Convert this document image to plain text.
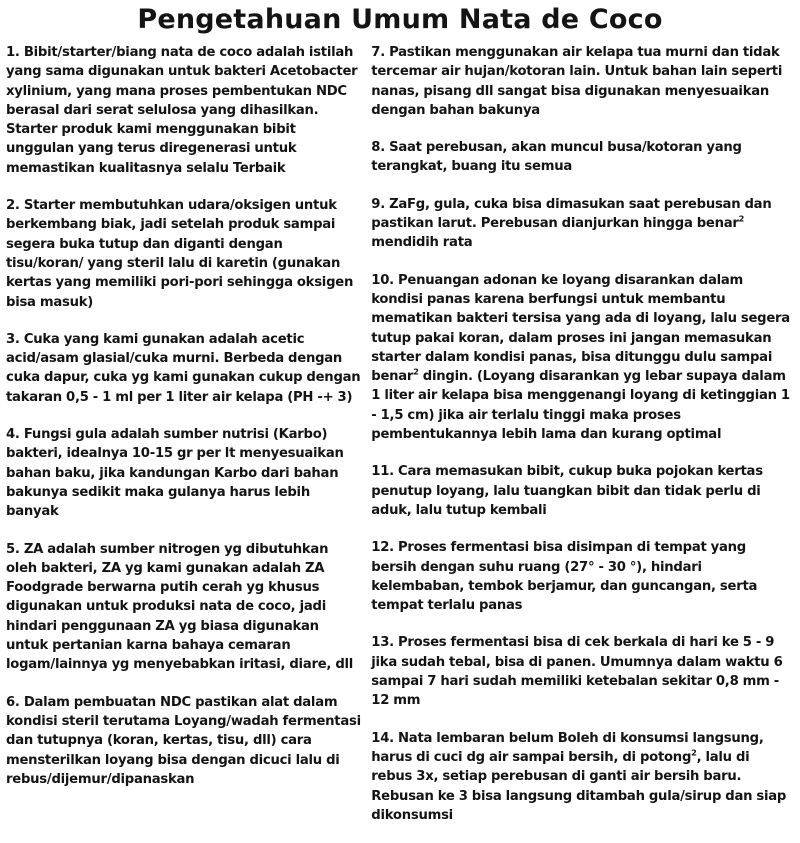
Pengetahuan Umum Nata de Coco

1. Bibit/starter/biang nata de coco adalah istilah yang sama digunakan untuk bakteri Acetobacter xylinium, yang mana proses pembentukan NDC berasal dari serat selulosa yang dihasilkan. Starter produk kami menggunakan bibit unggulan yang terus diregenerasi untuk memastikan kualitasnya selalu Terbaik

2. Starter membutuhkan udara/oksigen untuk berkembang biak, jadi setelah produk sampai segera buka tutup dan diganti dengan tisu/koran/ yang steril lalu di karetin (gunakan kertas yang memiliki pori-pori sehingga oksigen bisa masuk)

3. Cuka yang kami gunakan adalah acetic acid/asam glasial/cuka murni. Berbeda dengan cuka dapur, cuka yg kami gunakan cukup dengan takaran 0,5 - 1 ml per 1 liter air kelapa (PH -+ 3)

4. Fungsi gula adalah sumber nutrisi (Karbo) bakteri, idealnya 10-15 gr per lt menyesuaikan bahan baku, jika kandungan Karbo dari bahan bakunya sedikit maka gulanya harus lebih banyak

5. ZA adalah sumber nitrogen yg dibutuhkan oleh bakteri, ZA yg kami gunakan adalah ZA Foodgrade berwarna putih cerah yg khusus digunakan untuk produksi nata de coco, jadi hindari penggunaan ZA yg biasa digunakan untuk pertanian karna bahaya cemaran logam/lainnya yg menyebabkan iritasi, diare, dll

6. Dalam pembuatan NDC pastikan alat dalam kondisi steril terutama Loyang/wadah fermentasi dan tutupnya (koran, kertas, tisu, dll) cara mensterilkan loyang bisa dengan dicuci lalu di rebus/dijemur/dipanaskan

7. Pastikan menggunakan air kelapa tua murni dan tidak tercemar air hujan/kotoran lain. Untuk bahan lain seperti nanas, pisang dll sangat bisa digunakan menyesuaikan dengan bahan bakunya

8. Saat perebusan, akan muncul busa/kotoran yang terangkat, buang itu semua

9. ZaFg, gula, cuka bisa dimasukan saat perebusan dan pastikan larut. Perebusan dianjurkan hingga benar$^2$ mendidih rata

10. Penuangan adonan ke loyang disarankan dalam kondisi panas karena berfungsi untuk membantu mematikan bakteri tersisa yang ada di loyang, lalu segera tutup pakai koran, dalam proses ini jangan memasukan starter dalam kondisi panas, bisa ditunggu dulu sampai benar$^2$ dingin. (Loyang disarankan yg lebar supaya dalam 1 liter air kelapa bisa menggenangi loyang di ketinggian 1 - 1,5 cm) jika air terlalu tinggi maka proses pembentukannya lebih lama dan kurang optimal

11. Cara memasukan bibit, cukup buka pojokan kertas penutup loyang, lalu tuangkan bibit dan tidak perlu di aduk, lalu tutup kembali

12. Proses fermentasi bisa disimpan di tempat yang bersih dengan suhu ruang (27° - 30 °), hindari kelembaban, tembok berjamur, dan guncangan, serta tempat terlalu panas

13. Proses fermentasi bisa di cek berkala di hari ke 5 - 9 jika sudah tebal, bisa di panen. Umumnya dalam waktu 6 sampai 7 hari sudah memiliki ketebalan sekitar 0,8 mm - 12 mm

14. Nata lembaran belum Boleh di konsumsi langsung, harus di cuci dg air sampai bersih, di potong$^2$, lalu di rebus 3x, setiap perebusan di ganti air bersih baru. Rebusan ke 3 bisa langsung ditambah gula/sirup dan siap dikonsumsi
